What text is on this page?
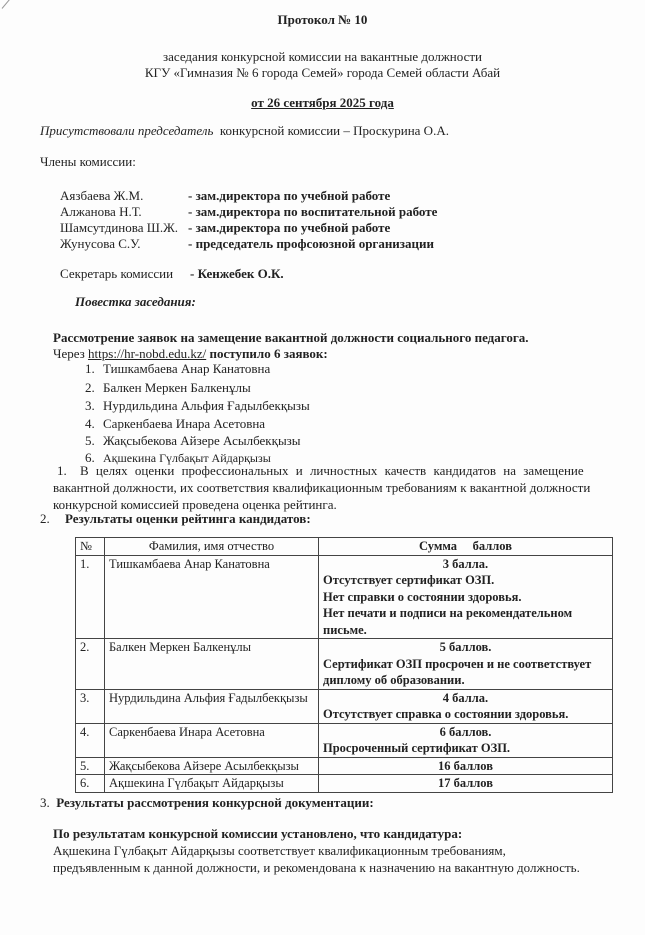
Протокол № 10
заседания конкурсной комиссии на вакантные должности
КГУ «Гимназия № 6 города Семей» города Семей области Абай
от 26 сентября 2025 года
Присутствовали председатель конкурсной комиссии – Проскурина О.А.
Члены комиссии:
Секретарь комиссии - Кенжебек О.К.
Повестка заседания:
Рассмотрение заявок на замещение вакантной должности социального педагога.
Через https://hr-nobd.edu.kz/ поступило 6 заявок:
2. Результаты оценки рейтинга кандидатов:
№	Фамилия, имя отчество	Сумма     баллов
1.	Тишкамбаева Анар Канатовна	3 балла.
Отсутствует сертификат ОЗП.
Нет справки о состоянии здоровья.
Нет печати и подписи на рекомендательном письме.

2.	Балкен Меркен Балкенұлы	5 баллов.
Сертификат ОЗП просрочен и не соответствует диплому об образовании.

3.	Нурдильдина Альфия Ғадылбекқызы	4 балла.
Отсутствует справка о состоянии здоровья.

4.	Саркенбаева Инара Асетовна	6 баллов.
Просроченный сертификат ОЗП.

5.	Жақсыбекова Айзере Асылбекқызы	16 баллов

6.	Ақшекина Гүлбақыт Айдарқызы	17 баллов
3. Результаты рассмотрения конкурсной документации:
По результатам конкурсной комиссии установлено, что кандидатура:
Ақшекина Гүлбақыт Айдарқызы соответствует квалификационным требованиям,
предъявленным к данной должности, и рекомендована к назначению на вакантную должность.
Аязбаева Ж.М.	- зам.директора по учебной работе
Алжанова Н.Т.	- зам.директора по воспитательной работе
Шамсутдинова Ш.Ж. - зам.директора по учебной работе
Жунусова С.У.	- председатель профсоюзной организации
1. Тишкамбаева Анар Канатовна
2. Балкен Меркен Балкенұлы
3. Нурдильдина Альфия Ғадылбекқызы
4. Саркенбаева Инара Асетовна
5. Жақсыбекова Айзере Асылбекқызы
6. Ақшекина Гүлбақыт Айдарқызы
1. В целях оценки профессиональных и личностных качеств кандидатов на замещение
вакантной должности, их соответствия квалификационным требованиям к вакантной должности
конкурсной комиссией проведена оценка рейтинга.
